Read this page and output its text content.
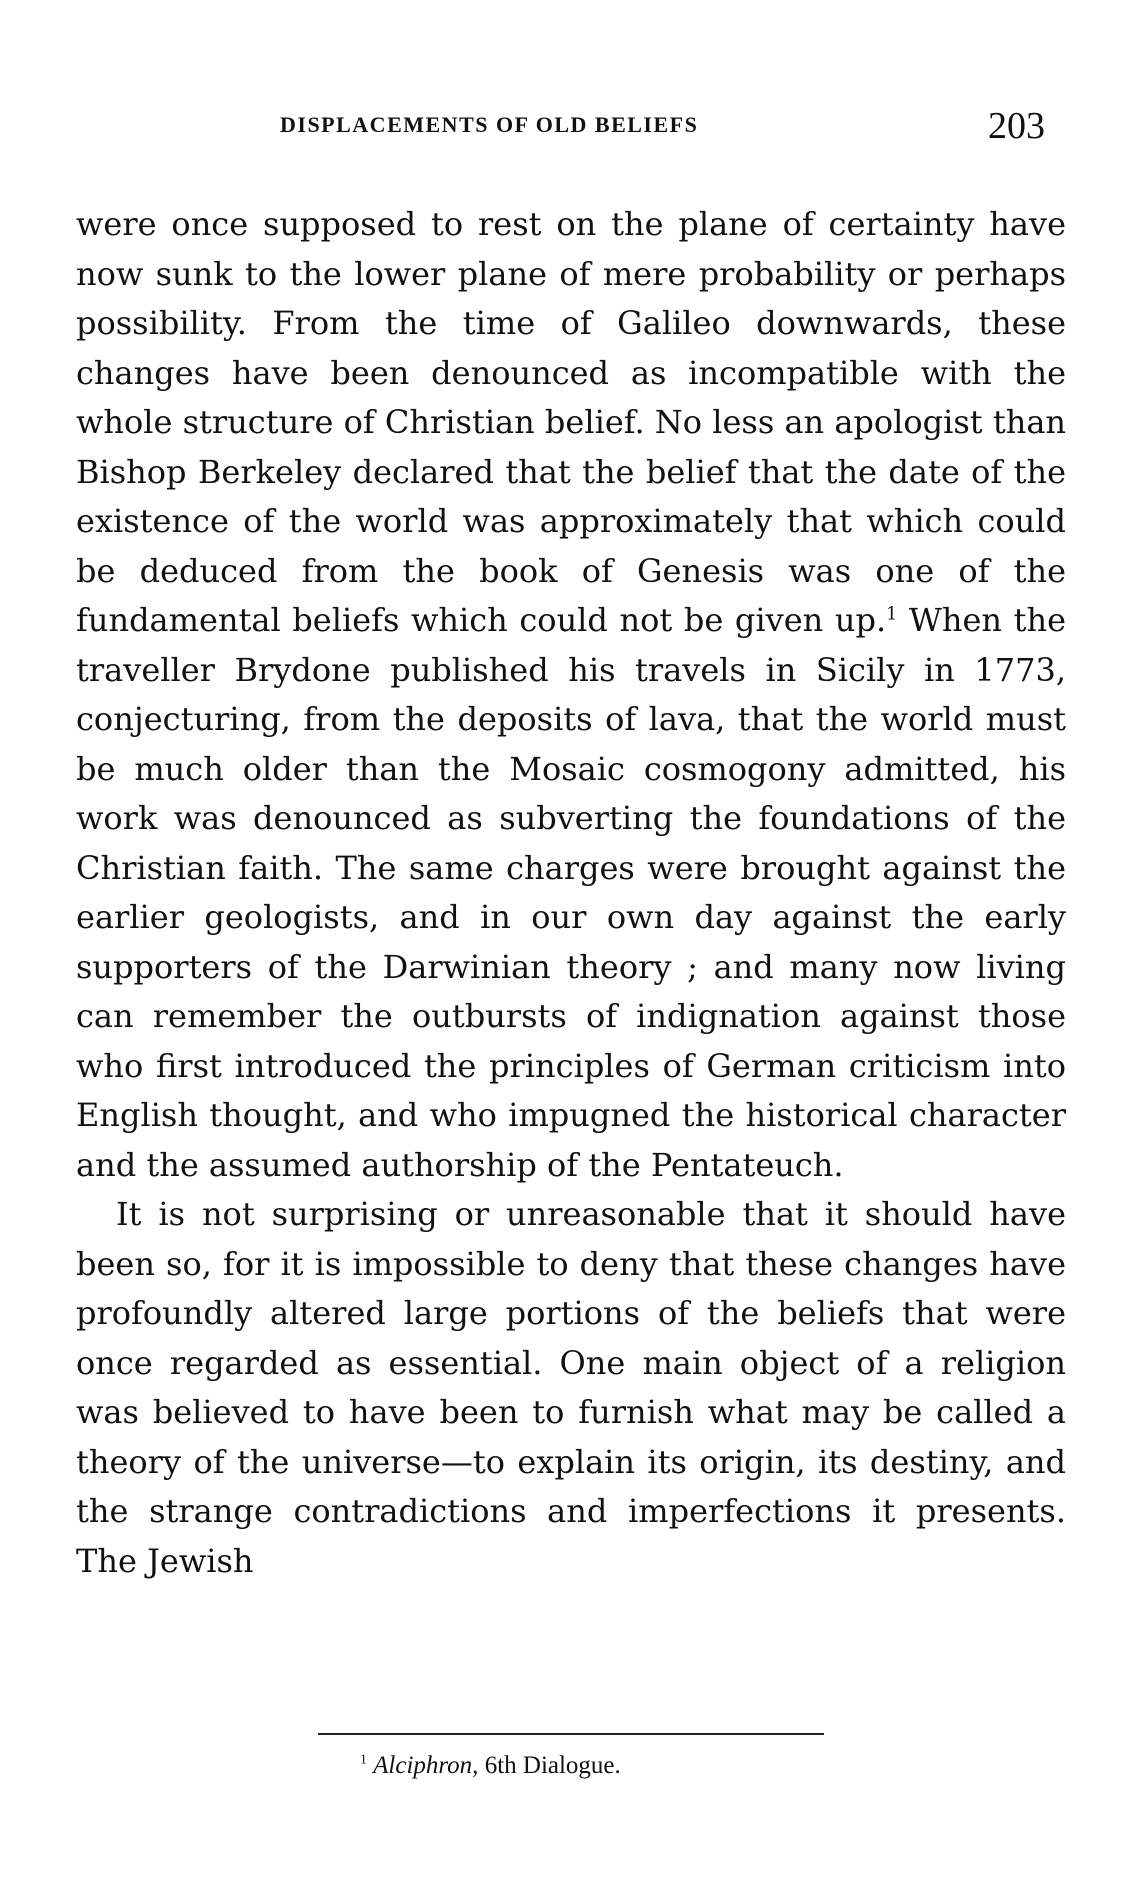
DISPLACEMENTS OF OLD BELIEFS	203

were once supposed to rest on the plane of certainty have now sunk to the lower plane of mere probability or perhaps possibility. From the time of Galileo downwards, these changes have been denounced as incompatible with the whole structure of Christian belief. No less an apologist than Bishop Berkeley declared that the belief that the date of the existence of the world was approximately that which could be deduced from the book of Genesis was one of the fundamental beliefs which could not be given up.$^1$ When the traveller Brydone published his travels in Sicily in 1773, conjecturing, from the deposits of lava, that the world must be much older than the Mosaic cosmogony admitted, his work was denounced as subverting the foundations of the Christian faith. The same charges were brought against the earlier geologists, and in our own day against the early supporters of the Darwinian theory ; and many now living can remember the outbursts of indignation against those who first introduced the principles of German criticism into English thought, and who impugned the historical character and the assumed authorship of the Pentateuch.

It is not surprising or unreasonable that it should have been so, for it is impossible to deny that these changes have profoundly altered large portions of the beliefs that were once regarded as essential. One main object of a religion was believed to have been to furnish what may be called a theory of the universe—to explain its origin, its destiny, and the strange contradictions and imperfections it presents. The Jewish

$^1$ Alciphron, 6th Dialogue.
